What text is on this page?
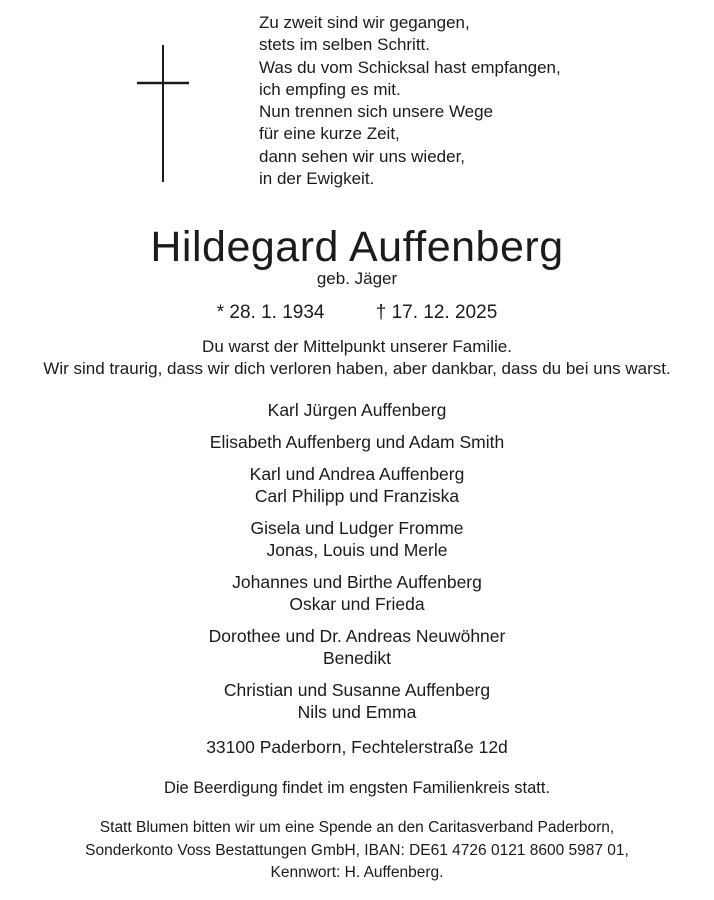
Zu zweit sind wir gegangen,
stets im selben Schritt.
Was du vom Schicksal hast empfangen,
ich empfing es mit.
Nun trennen sich unsere Wege
für eine kurze Zeit,
dann sehen wir uns wieder,
in der Ewigkeit.
Hildegard Auffenberg
geb. Jäger
* 28. 1. 1934	† 17. 12. 2025
Du warst der Mittelpunkt unserer Familie.
Wir sind traurig, dass wir dich verloren haben, aber dankbar, dass du bei uns warst.
Karl Jürgen Auffenberg
Elisabeth Auffenberg und Adam Smith
Karl und Andrea Auffenberg
Carl Philipp und Franziska
Gisela und Ludger Fromme
Jonas, Louis und Merle
Johannes und Birthe Auffenberg
Oskar und Frieda
Dorothee und Dr. Andreas Neuwöhner
Benedikt
Christian und Susanne Auffenberg
Nils und Emma
33100 Paderborn, Fechtelerstraße 12d
Die Beerdigung findet im engsten Familienkreis statt.
Statt Blumen bitten wir um eine Spende an den Caritasverband Paderborn,
Sonderkonto Voss Bestattungen GmbH, IBAN: DE61 4726 0121 8600 5987 01,
Kennwort: H. Auffenberg.
